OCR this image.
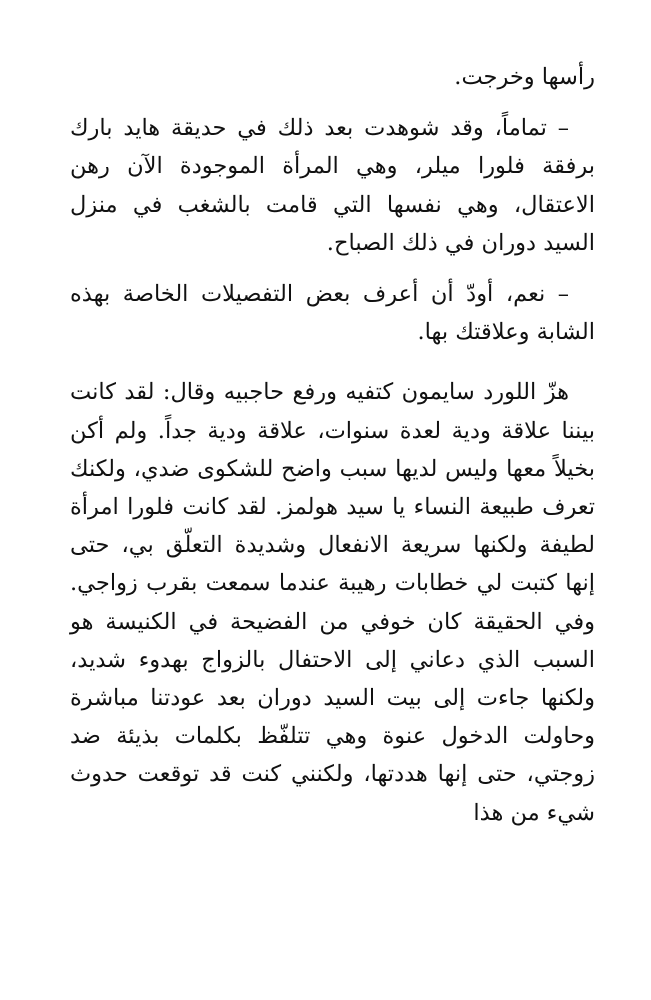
رأسها وخرجت.

– تماماً، وقد شوهدت بعد ذلك في حديقة هايد بارك برفقة فلورا ميلر، وهي المرأة الموجودة الآن رهن الاعتقال، وهي نفسها التي قامت بالشغب في منزل السيد دوران في ذلك الصباح.

– نعم، أودّ أن أعرف بعض التفصيلات الخاصة بهذه الشابة وعلاقتك بها.

هزّ اللورد سايمون كتفيه ورفع حاجبيه وقال: لقد كانت بيننا علاقة ودية لعدة سنوات، علاقة ودية جداً. ولم أكن بخيلاً معها وليس لديها سبب واضح للشكوى ضدي، ولكنك تعرف طبيعة النساء يا سيد هولمز. لقد كانت فلورا امرأة لطيفة ولكنها سريعة الانفعال وشديدة التعلّق بي، حتى إنها كتبت لي خطابات رهيبة عندما سمعت بقرب زواجي. وفي الحقيقة كان خوفي من الفضيحة في الكنيسة هو السبب الذي دعاني إلى الاحتفال بالزواج بهدوء شديد، ولكنها جاءت إلى بيت السيد دوران بعد عودتنا مباشرة وحاولت الدخول عنوة وهي تتلفّظ بكلمات بذيئة ضد زوجتي، حتى إنها هددتها، ولكنني كنت قد توقعت حدوث شيء من هذا
